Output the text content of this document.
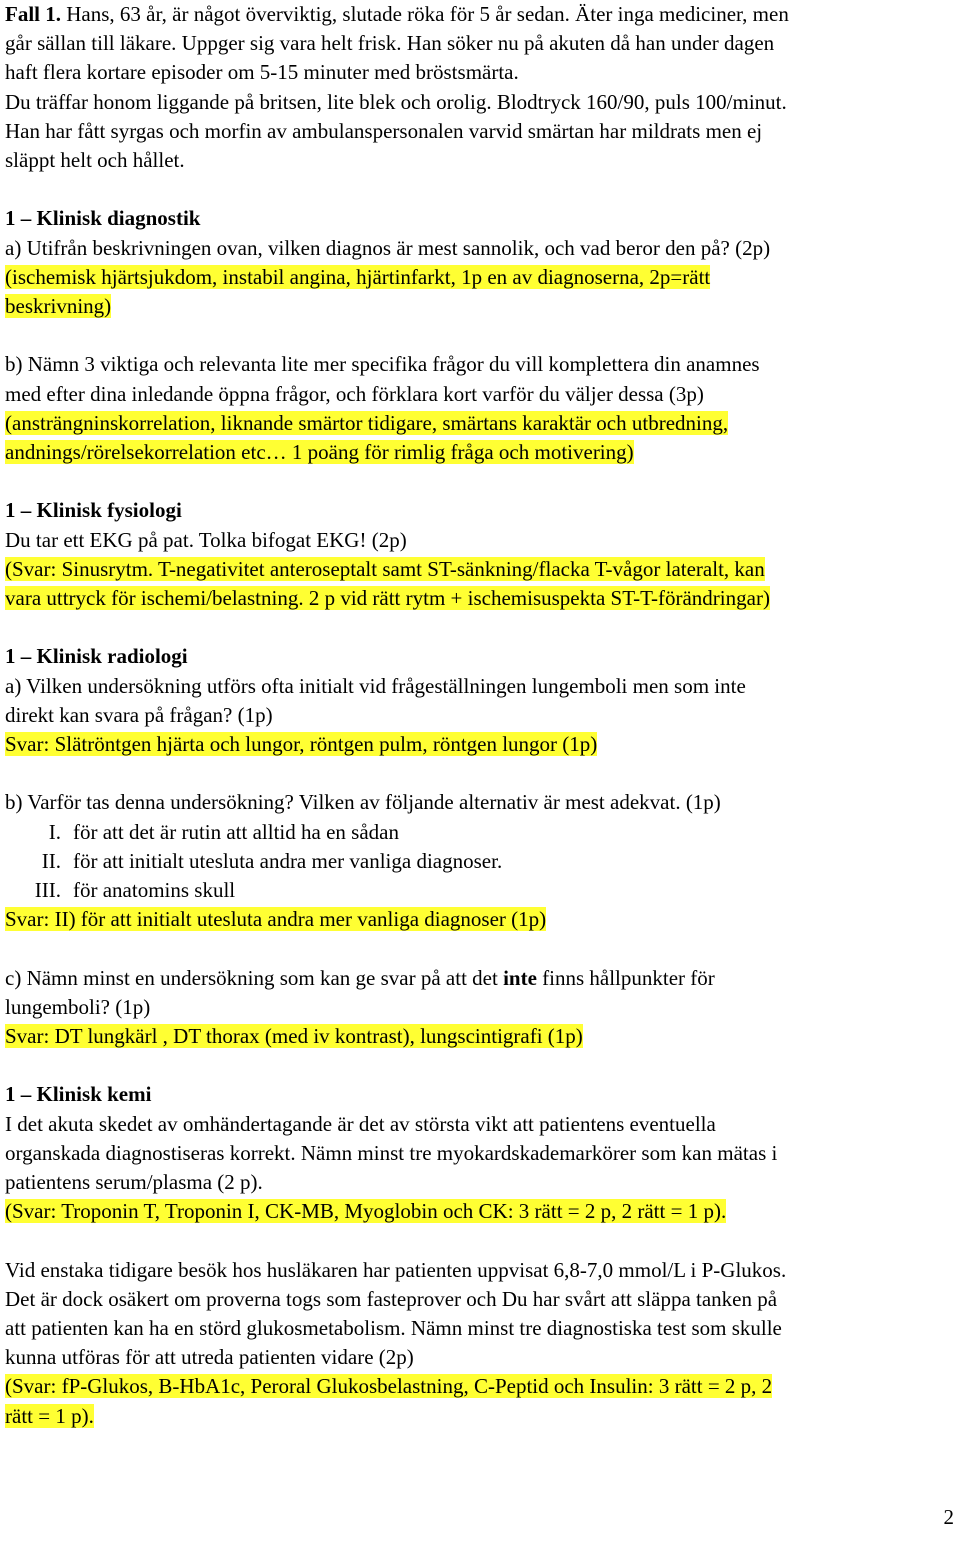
Fall 1. Hans, 63 år, är något överviktig, slutade röka för 5 år sedan. Äter inga mediciner, men

går sällan till läkare. Uppger sig vara helt frisk. Han söker nu på akuten då han under dagen

haft flera kortare episoder om 5-15 minuter med bröstsmärta.

Du träffar honom liggande på britsen, lite blek och orolig. Blodtryck 160/90, puls 100/minut.

Han har fått syrgas och morfin av ambulanspersonalen varvid smärtan har mildrats men ej

släppt helt och hållet.

1 – Klinisk diagnostik

a) Utifrån beskrivningen ovan, vilken diagnos är mest sannolik, och vad beror den på? (2p)

(ischemisk hjärtsjukdom, instabil angina, hjärtinfarkt, 1p en av diagnoserna, 2p=rätt

beskrivning)

b) Nämn 3 viktiga och relevanta lite mer specifika frågor du vill komplettera din anamnes

med efter dina inledande öppna frågor, och förklara kort varför du väljer dessa (3p)

(ansträngninskorrelation, liknande smärtor tidigare, smärtans karaktär och utbredning,

andnings/rörelsekorrelation etc… 1 poäng för rimlig fråga och motivering)

1 – Klinisk fysiologi

Du tar ett EKG på pat. Tolka bifogat EKG! (2p)

(Svar: Sinusrytm. T-negativitet anteroseptalt samt ST-sänkning/flacka T-vågor lateralt, kan

vara uttryck för ischemi/belastning. 2 p vid rätt rytm + ischemisuspekta ST-T-förändringar)

1 – Klinisk radiologi

a) Vilken undersökning utförs ofta initialt vid frågeställningen lungemboli men som inte

direkt kan svara på frågan? (1p)

Svar: Slätröntgen hjärta och lungor, röntgen pulm, röntgen lungor (1p)

b) Varför tas denna undersökning? Vilken av följande alternativ är mest adekvat. (1p)

I. för att det är rutin att alltid ha en sådan
II. för att initialt utesluta andra mer vanliga diagnoser.
III. för anatomins skull

Svar: II) för att initialt utesluta andra mer vanliga diagnoser (1p)

c) Nämn minst en undersökning som kan ge svar på att det inte finns hållpunkter för

lungemboli? (1p)

Svar: DT lungkärl , DT thorax (med iv kontrast), lungscintigrafi (1p)

1 – Klinisk kemi

I det akuta skedet av omhändertagande är det av största vikt att patientens eventuella

organskada diagnostiseras korrekt. Nämn minst tre myokardskademarkörer som kan mätas i

patientens serum/plasma (2 p).

(Svar: Troponin T, Troponin I, CK-MB, Myoglobin och CK: 3 rätt = 2 p, 2 rätt = 1 p).

Vid enstaka tidigare besök hos husläkaren har patienten uppvisat 6,8-7,0 mmol/L i P-Glukos.

Det är dock osäkert om proverna togs som fasteprover och Du har svårt att släppa tanken på

att patienten kan ha en störd glukosmetabolism. Nämn minst tre diagnostiska test som skulle

kunna utföras för att utreda patienten vidare (2p)

(Svar: fP-Glukos, B-HbA1c, Peroral Glukosbelastning, C-Peptid och Insulin: 3 rätt = 2 p, 2

rätt = 1 p).

2
